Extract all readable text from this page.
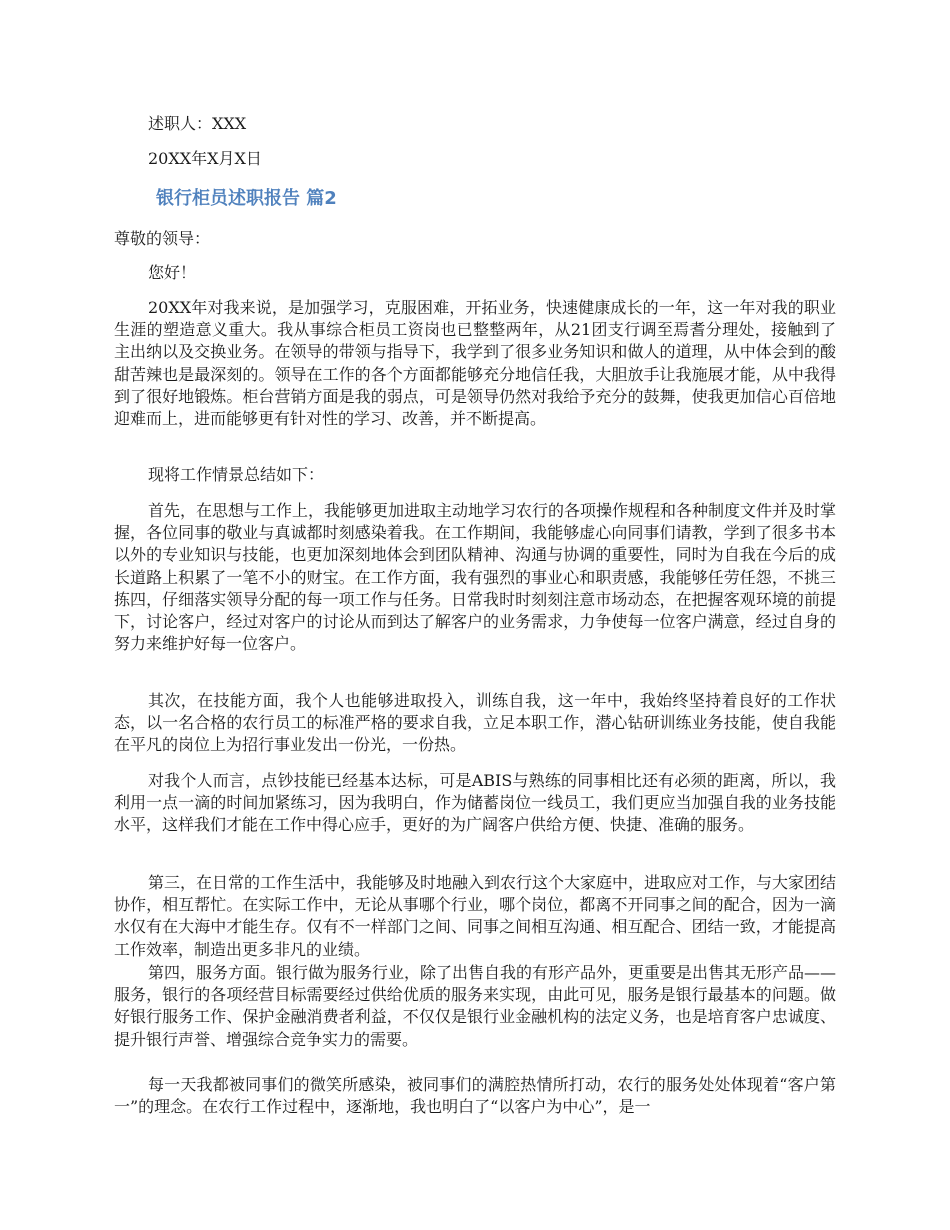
述职人：XXX
20XX年X月X日
银行柜员述职报告 篇2
尊敬的领导：
您好！

20XX年对我来说，是加强学习，克服困难，开拓业务，快速健康成长的一年，这一年对我的职业生涯的塑造意义重大。我从事综合柜员工资岗也已整整两年，从21团支行调至焉耆分理处，接触到了主出纳以及交换业务。在领导的带领与指导下，我学到了很多业务知识和做人的道理，从中体会到的酸甜苦辣也是最深刻的。领导在工作的各个方面都能够充分地信任我，大胆放手让我施展才能，从中我得到了很好地锻炼。柜台营销方面是我的弱点，可是领导仍然对我给予充分的鼓舞，使我更加信心百倍地迎难而上，进而能够更有针对性的学习、改善，并不断提高。

现将工作情景总结如下：

首先，在思想与工作上，我能够更加进取主动地学习农行的各项操作规程和各种制度文件并及时掌握，各位同事的敬业与真诚都时刻感染着我。在工作期间，我能够虚心向同事们请教，学到了很多书本以外的专业知识与技能，也更加深刻地体会到团队精神、沟通与协调的重要性，同时为自我在今后的成长道路上积累了一笔不小的财宝。在工作方面，我有强烈的事业心和职责感，我能够任劳任怨，不挑三拣四，仔细落实领导分配的每一项工作与任务。日常我时时刻刻注意市场动态，在把握客观环境的前提下，讨论客户，经过对客户的讨论从而到达了解客户的业务需求，力争使每一位客户满意，经过自身的努力来维护好每一位客户。

其次，在技能方面，我个人也能够进取投入，训练自我，这一年中，我始终坚持着良好的工作状态，以一名合格的农行员工的标准严格的要求自我，立足本职工作，潜心钻研训练业务技能，使自我能在平凡的岗位上为招行事业发出一份光，一份热。

对我个人而言，点钞技能已经基本达标，可是ABIS与熟练的同事相比还有必须的距离，所以，我利用一点一滴的时间加紧练习，因为我明白，作为储蓄岗位一线员工，我们更应当加强自我的业务技能水平，这样我们才能在工作中得心应手，更好的为广阔客户供给方便、快捷、准确的服务。

第三，在日常的工作生活中，我能够及时地融入到农行这个大家庭中，进取应对工作，与大家团结协作，相互帮忙。在实际工作中，无论从事哪个行业，哪个岗位，都离不开同事之间的配合，因为一滴水仅有在大海中才能生存。仅有不一样部门之间、同事之间相互沟通、相互配合、团结一致，才能提高工作效率，制造出更多非凡的业绩。

第四，服务方面。银行做为服务行业，除了出售自我的有形产品外，更重要是出售其无形产品——服务，银行的各项经营目标需要经过供给优质的服务来实现，由此可见，服务是银行最基本的问题。做好银行服务工作、保护金融消费者利益，不仅仅是银行业金融机构的法定义务，也是培育客户忠诚度、提升银行声誉、增强综合竞争实力的需要。

每一天我都被同事们的微笑所感染，被同事们的满腔热情所打动，农行的服务处处体现着“客户第一”的理念。在农行工作过程中，逐渐地，我也明白了“以客户为中心”，是一
